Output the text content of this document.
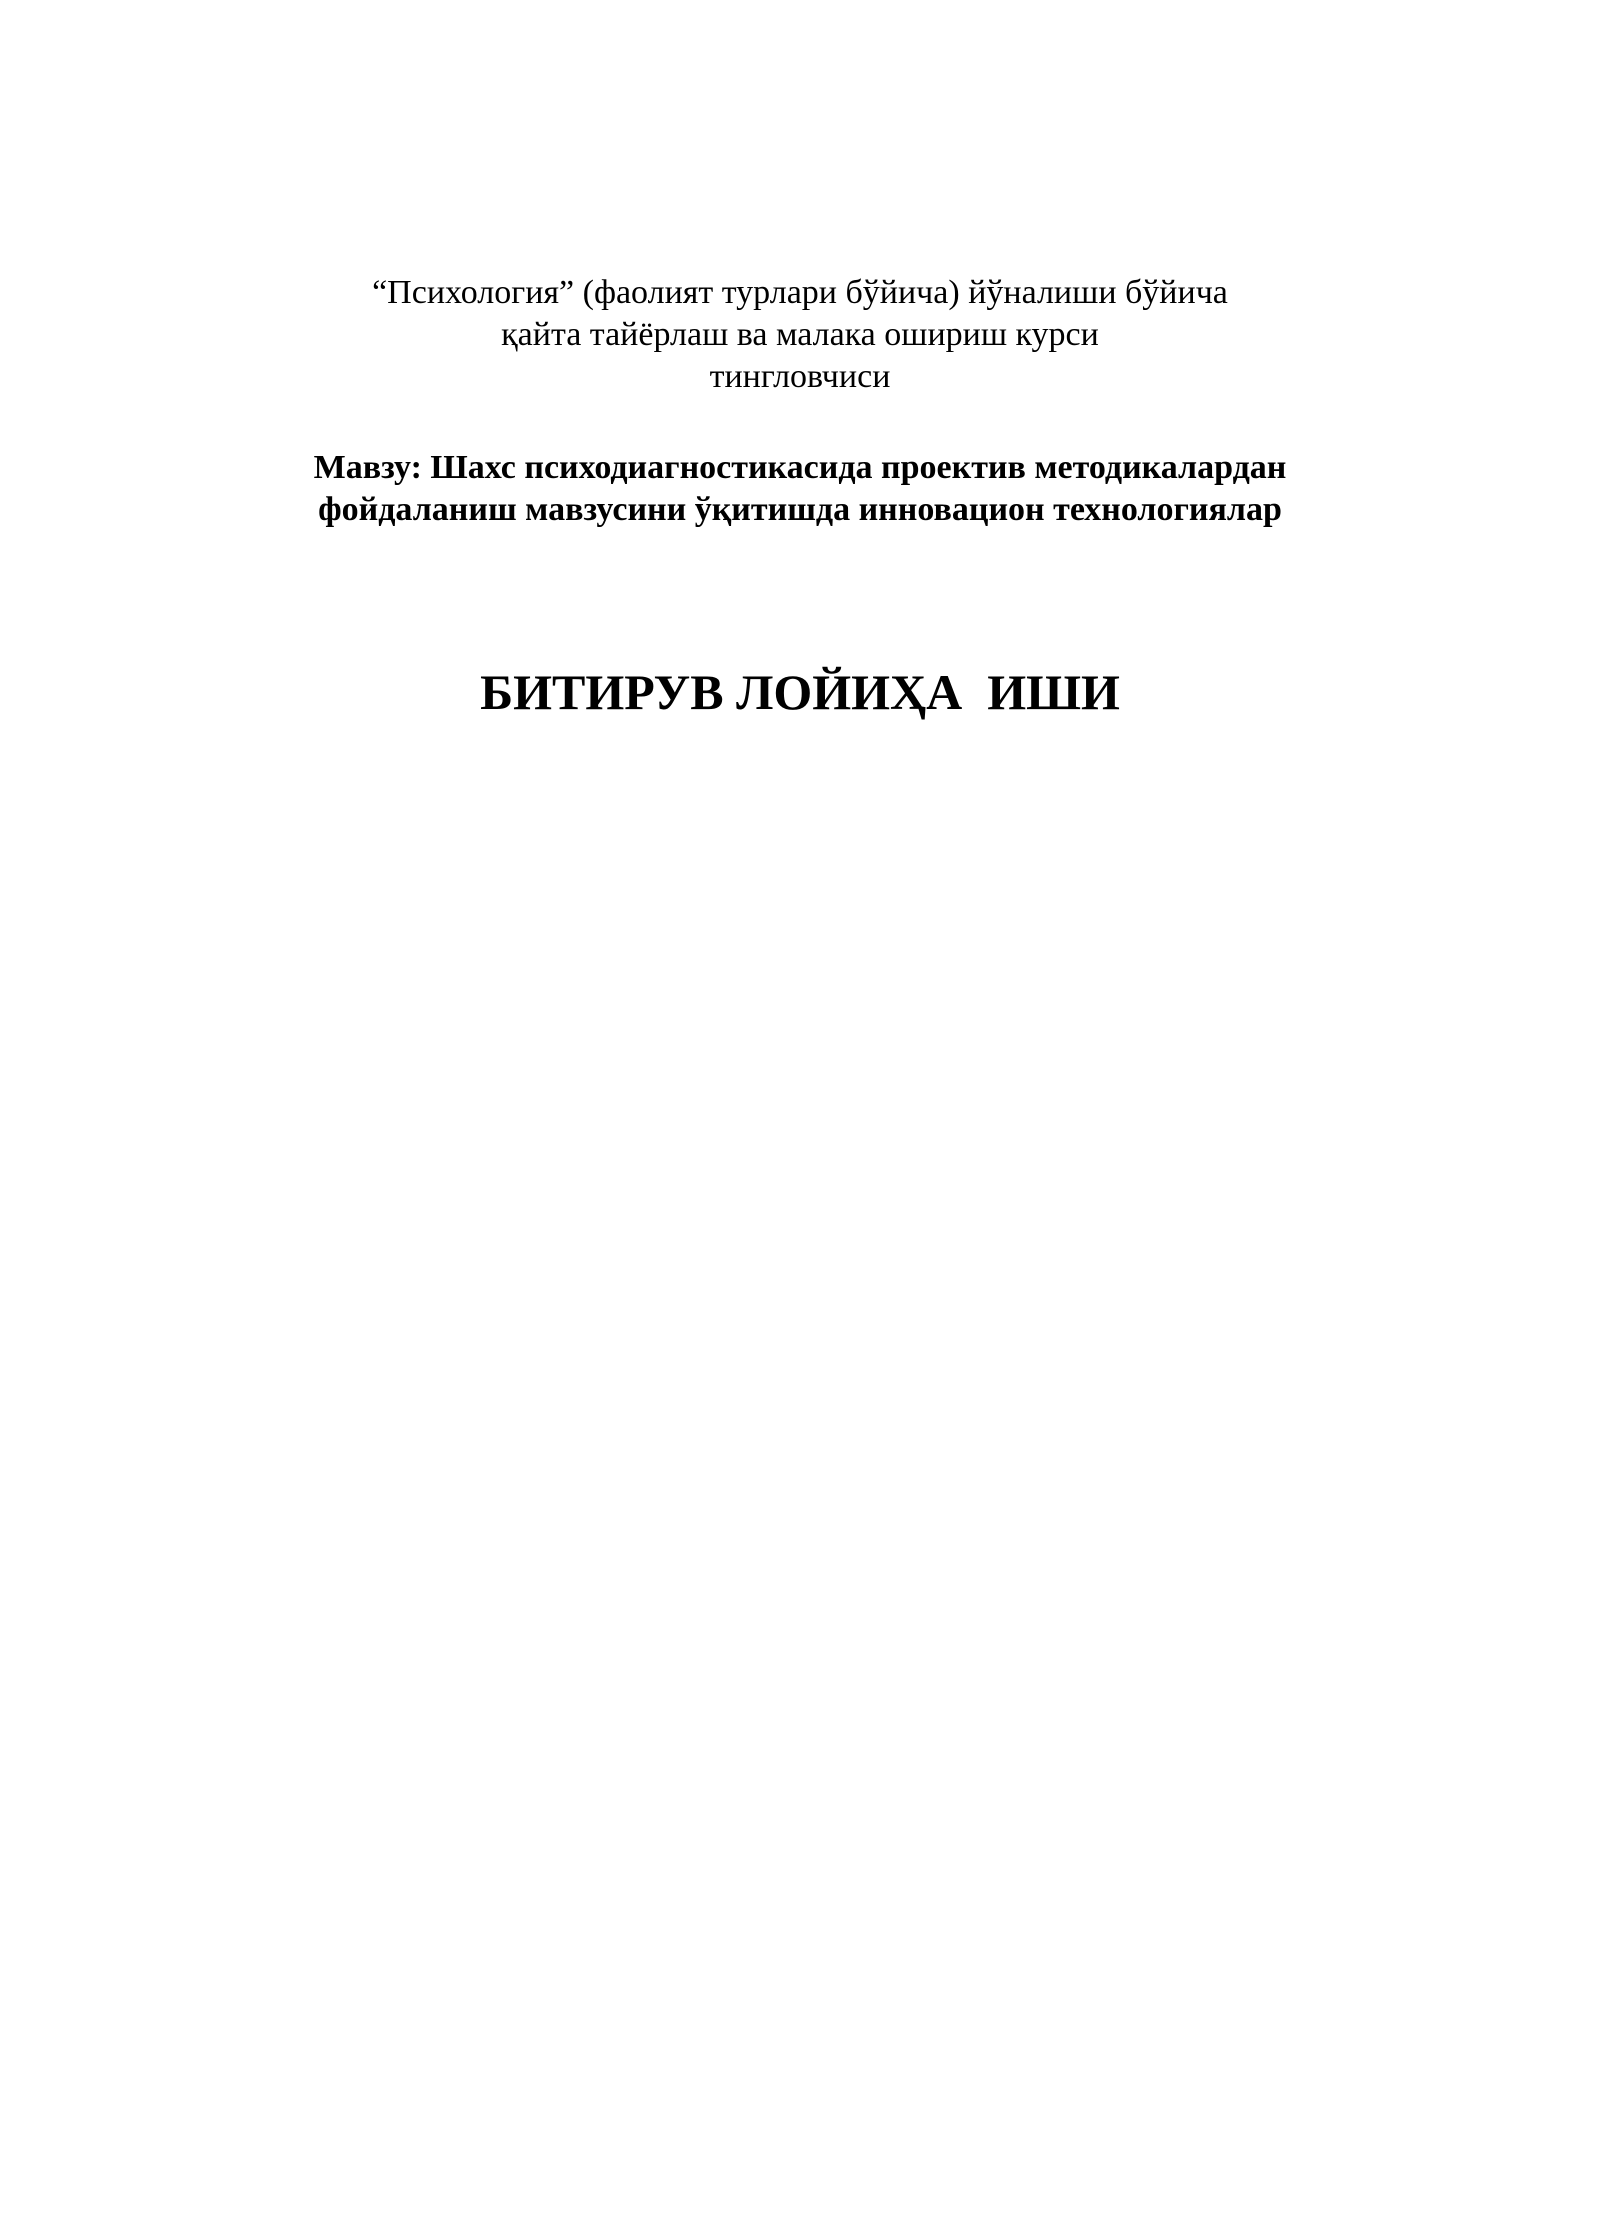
“Психология” (фаолият турлари бўйича) йўналиши бўйича
қайта тайёрлаш ва малака ошириш курси
тингловчиси
Мавзу: Шахс психодиагностикасида проектив методикалардан
фойдаланиш мавзусини ўқитишда инновацион технологиялар
БИТИРУВ ЛОЙИҲА  ИШИ
